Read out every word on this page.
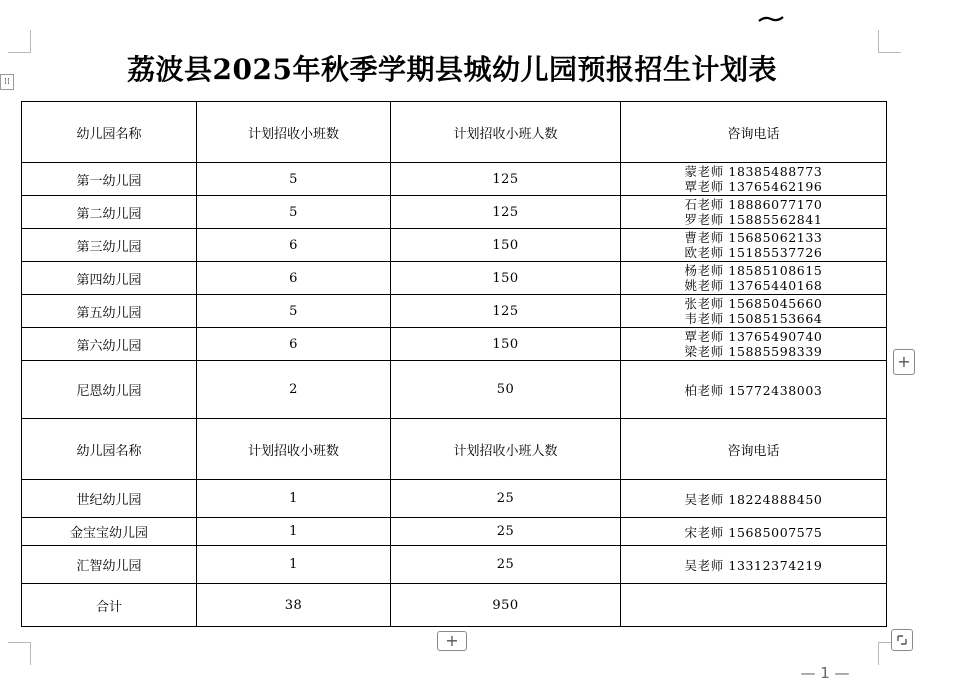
荔波县2025年秋季学期县城幼儿园预报招生计划表
⁞⁞
幼儿园名称	计划招收小班数	计划招收小班人数	咨询电话
第一幼儿园	5	125	蒙老师 18385488773
覃老师 13765462196

第二幼儿园	5	125	石老师 18886077170
罗老师 15885562841

第三幼儿园	6	150	曹老师 15685062133
欧老师 15185537726

第四幼儿园	6	150	杨老师 18585108615
姚老师 13765440168

第五幼儿园	5	125	张老师 15685045660
韦老师 15085153664

第六幼儿园	6	150	覃老师 13765490740
梁老师 15885598339

尼恩幼儿园	2	50	柏老师 15772438003
幼儿园名称	计划招收小班数	计划招收小班人数	咨询电话
世纪幼儿园	1	25	吴老师 18224888450
金宝宝幼儿园	1	25	宋老师 15685007575
汇智幼儿园	1	25	吴老师 13312374219
合计	38	950	
+
+
— 1 —
